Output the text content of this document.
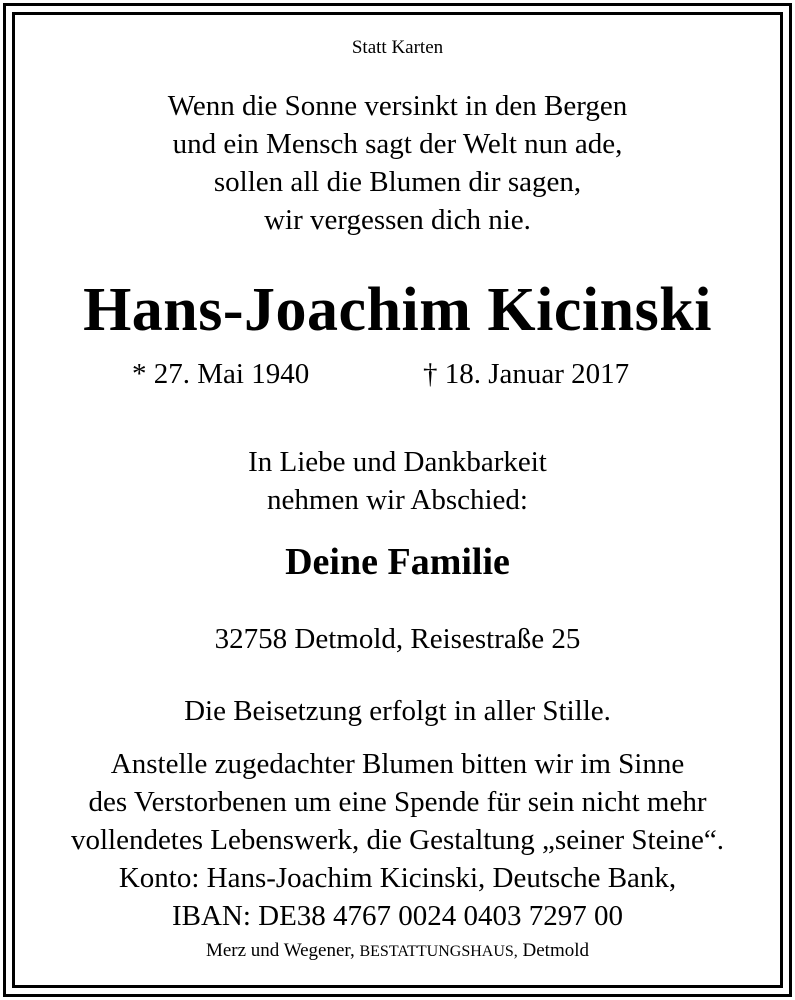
Statt Karten
Wenn die Sonne versinkt in den Bergen
und ein Mensch sagt der Welt nun ade,
sollen all die Blumen dir sagen,
wir vergessen dich nie.
Hans-Joachim Kicinski
* 27. Mai 1940	† 18. Januar 2017
In Liebe und Dankbarkeit
nehmen wir Abschied:
Deine Familie
32758 Detmold, Reisestraße 25
Die Beisetzung erfolgt in aller Stille.
Anstelle zugedachter Blumen bitten wir im Sinne
des Verstorbenen um eine Spende für sein nicht mehr
vollendetes Lebenswerk, die Gestaltung „seiner Steine“.
Konto: Hans-Joachim Kicinski, Deutsche Bank,
IBAN: DE38 4767 0024 0403 7297 00
Merz und Wegener, BESTATTUNGSHAUS, Detmold
